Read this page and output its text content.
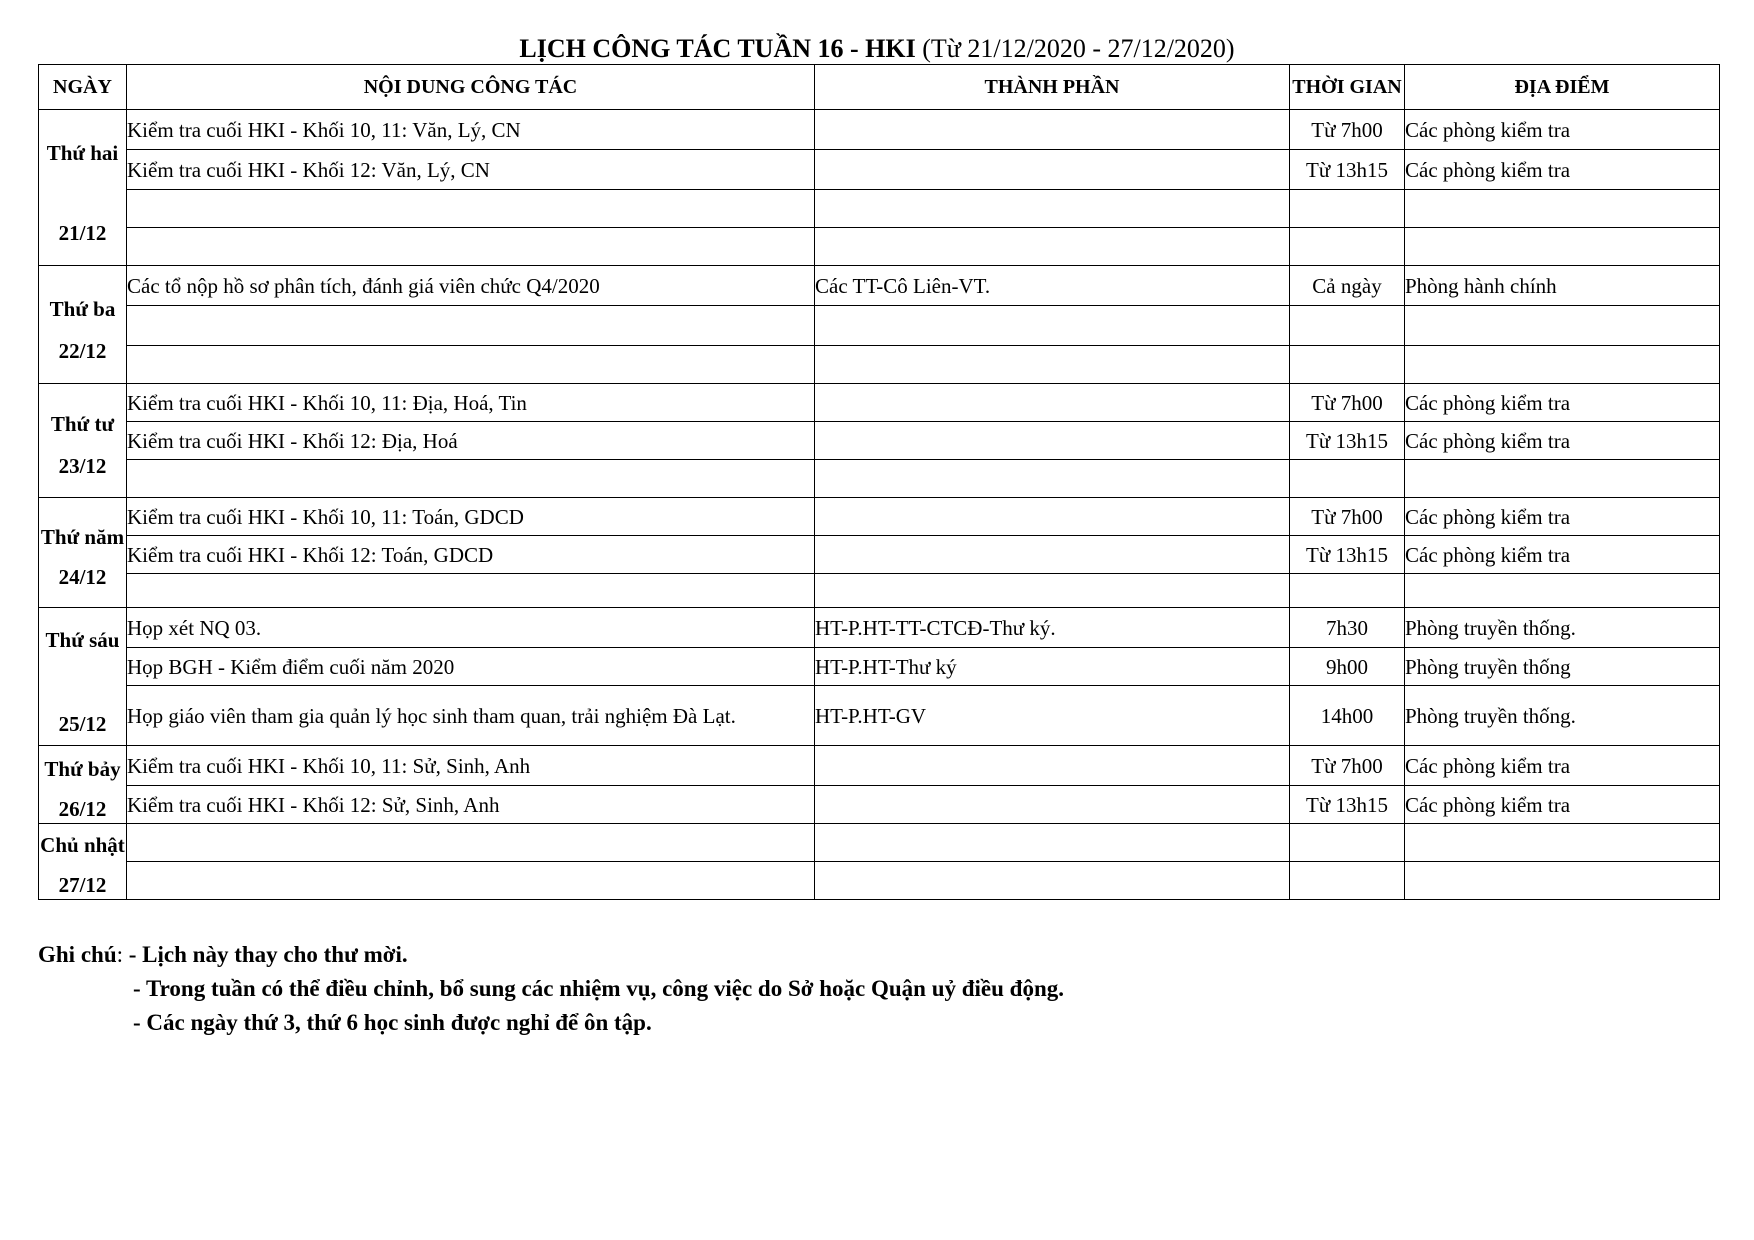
LỊCH CÔNG TÁC TUẦN 16 - HKI (Từ 21/12/2020 - 27/12/2020)
NGÀY	NỘI DUNG CÔNG TÁC	THÀNH PHẦN	THỜI GIAN	ĐỊA ĐIỂM

Thứ hai
21/12	Kiểm tra cuối HKI - Khối 10, 11: Văn, Lý, CN		Từ 7h00	Các phòng kiểm tra
	Kiểm tra cuối HKI - Khối 12: Văn, Lý, CN		Từ 13h15	Các phòng kiểm tra

Thứ ba
22/12	Các tổ nộp hồ sơ phân tích, đánh giá viên chức Q4/2020	Các TT-Cô Liên-VT.	Cả ngày	Phòng hành chính

Thứ tư
23/12	Kiểm tra cuối HKI - Khối 10, 11: Địa, Hoá, Tin		Từ 7h00	Các phòng kiểm tra
	Kiểm tra cuối HKI - Khối 12: Địa, Hoá		Từ 13h15	Các phòng kiểm tra

Thứ năm
24/12	Kiểm tra cuối HKI - Khối 10, 11: Toán, GDCD		Từ 7h00	Các phòng kiểm tra
	Kiểm tra cuối HKI - Khối 12: Toán, GDCD		Từ 13h15	Các phòng kiểm tra

Thứ sáu
25/12	Họp xét NQ 03.	HT-P.HT-TT-CTCĐ-Thư ký.	7h30	Phòng truyền thống.
	Họp BGH - Kiểm điểm cuối năm 2020	HT-P.HT-Thư ký	9h00	Phòng truyền thống
	Họp giáo viên tham gia quản lý học sinh tham quan, trải nghiệm Đà Lạt.	HT-P.HT-GV	14h00	Phòng truyền thống.

Thứ bảy
26/12	Kiểm tra cuối HKI - Khối 10, 11: Sử, Sinh, Anh		Từ 7h00	Các phòng kiểm tra
	Kiểm tra cuối HKI - Khối 12: Sử, Sinh, Anh		Từ 13h15	Các phòng kiểm tra

Chủ nhật
27/12				

Ghi chú: - Lịch này thay cho thư mời.
- Trong tuần có thể điều chỉnh, bổ sung các nhiệm vụ, công việc do Sở hoặc Quận uỷ điều động.
- Các ngày thứ 3, thứ 6 học sinh được nghỉ để ôn tập.
